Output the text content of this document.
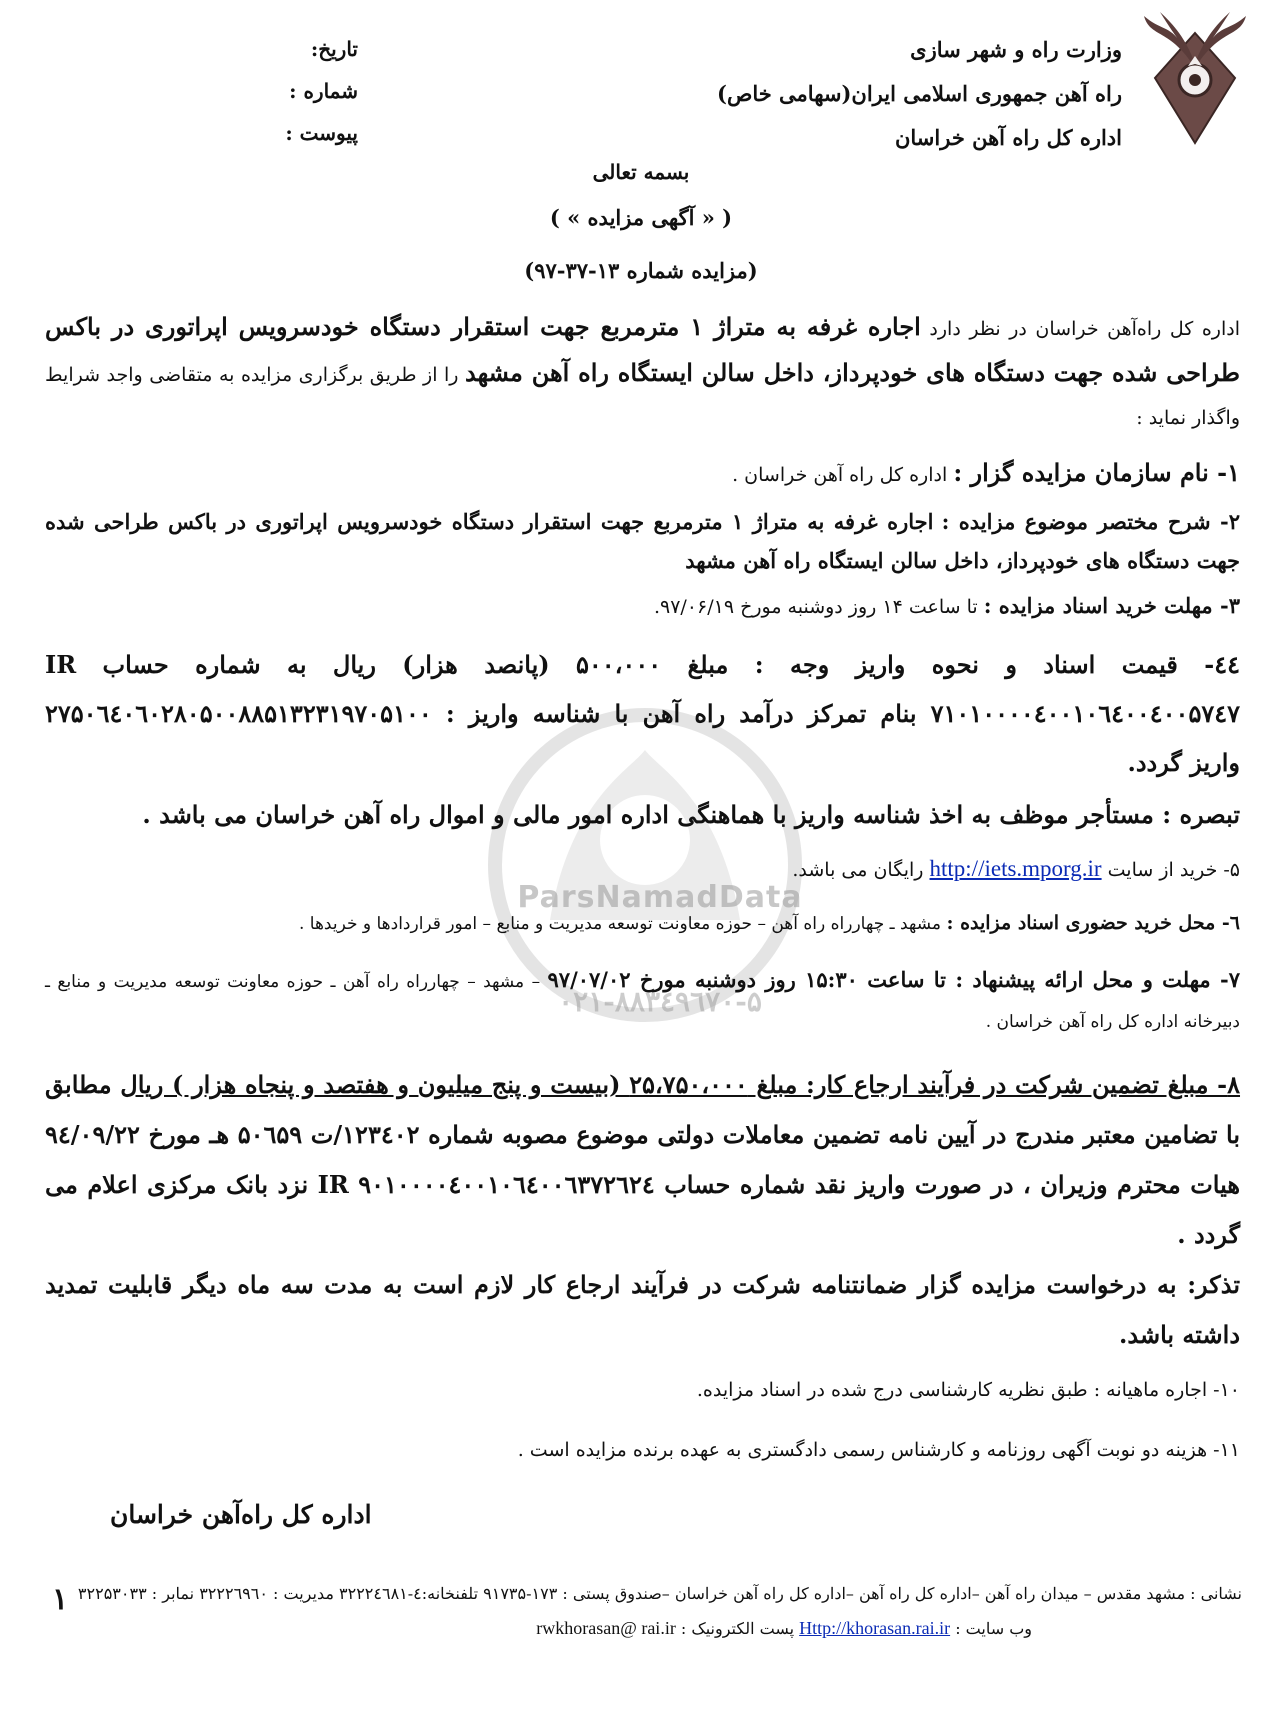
وزارت راه و شهر سازی
راه آهن جمهوری اسلامی ایران(سهامی خاص)
اداره کل راه آهن خراسان
تاریخ:
شماره :
پیوست :
بسمه تعالی
( « آگهی مزایده » )
(مزایده شماره ۱۳-۳۷-۹۷)
ParsNamadData
۰۲۱-۸۸۳٤۹٦۷۰-۵
اداره کل راه‌آهن خراسان در نظر دارد اجاره غرفه به متراژ ۱ مترمربع جهت استقرار دستگاه خودسرویس اپراتوری در باکس طراحی شده جهت دستگاه های خودپرداز، داخل سالن ایستگاه راه آهن مشهد را از طریق برگزاری مزایده به متقاضی واجد شرایط واگذار نماید :
۱- نام سازمان مزایده گزار : اداره کل راه آهن خراسان .
۲- شرح مختصر موضوع مزایده : اجاره غرفه به متراژ ۱ مترمربع جهت استقرار دستگاه خودسرویس اپراتوری در باکس طراحی شده جهت دستگاه های خودپرداز، داخل سالن ایستگاه راه آهن مشهد
۳- مهلت خرید اسناد مزایده : تا ساعت ۱۴ روز دوشنبه مورخ ۹۷/۰۶/۱۹.
٤٤- قیمت اسناد و نحوه واریز وجه : مبلغ ۵۰۰،۰۰۰ (پانصد هزار) ریال به شماره حساب IR ۷۱۰۱۰۰۰۰٤۰۰۱۰٦٤۰۰٤۰۰۵۷٤۷ بنام تمرکز درآمد راه آهن با شناسه واریز : ۲۷۵۰٦٤۰٦۰۲۸۰۵۰۰۸۸۵۱۳۲۳۱۹۷۰۵۱۰۰ واریز گردد.
تبصره : مستأجر موظف به اخذ شناسه واریز با هماهنگی اداره امور مالی و اموال راه آهن خراسان می باشد .
۵- خرید از سایت http://iets.mporg.ir رایگان می باشد.
٦- محل خرید حضوری اسناد مزایده : مشهد ـ چهارراه راه آهن – حوزه معاونت توسعه مدیریت و منابع – امور قراردادها و خریدها .
۷- مهلت و محل ارائه پیشنهاد : تا ساعت ۱۵:۳۰ روز دوشنبه مورخ ۹۷/۰۷/۰۲ – مشهد – چهارراه راه آهن ـ حوزه معاونت توسعه مدیریت و منابع ـ دبیرخانه اداره کل راه آهن خراسان .
۸- مبلغ تضمین شرکت در فرآیند ارجاع کار: مبلغ ۲۵،۷۵۰،۰۰۰ (بیست و پنج میلیون و هفتصد و پنجاه هزار ) ریال مطابق با تضامین معتبر مندرج در آیین نامه تضمین معاملات دولتی موضوع مصوبه شماره ۱۲۳٤۰۲/ت ۵۰٦۵۹ هـ مورخ ۹٤/۰۹/۲۲ هیات محترم وزیران ، در صورت واریز نقد شماره حساب IR ۹۰۱۰۰۰۰٤۰۰۱۰٦٤۰۰٦۳۷۲٦۲٤ نزد بانک مرکزی اعلام می گردد .
تذکر: به درخواست مزایده گزار ضمانتنامه شرکت در فرآیند ارجاع کار لازم است به مدت سه ماه دیگر قابلیت تمدید داشته باشد.
۱۰- اجاره ماهیانه : طبق نظریه کارشناسی درج شده در اسناد مزایده.
۱۱- هزینه دو نوبت آگهی روزنامه و کارشناس رسمی دادگستری به عهده برنده مزایده است .
اداره کل راه‌آهن خراسان
نشانی : مشهد مقدس – میدان راه آهن –اداره کل راه آهن –اداره کل راه آهن خراسان –صندوق پستی : ۱۷۳-۹۱۷۳۵ تلفنخانه:٤-۳۲۲۲٤٦۸۱ مدیریت : ۳۲۲۲٦۹٦۰ نمابر : ۳۲۲۵۳۰۳۳
وب سایت : Http://khorasan.rai.ir پست الکترونیک : rwkhorasan@ rai.ir
۱
